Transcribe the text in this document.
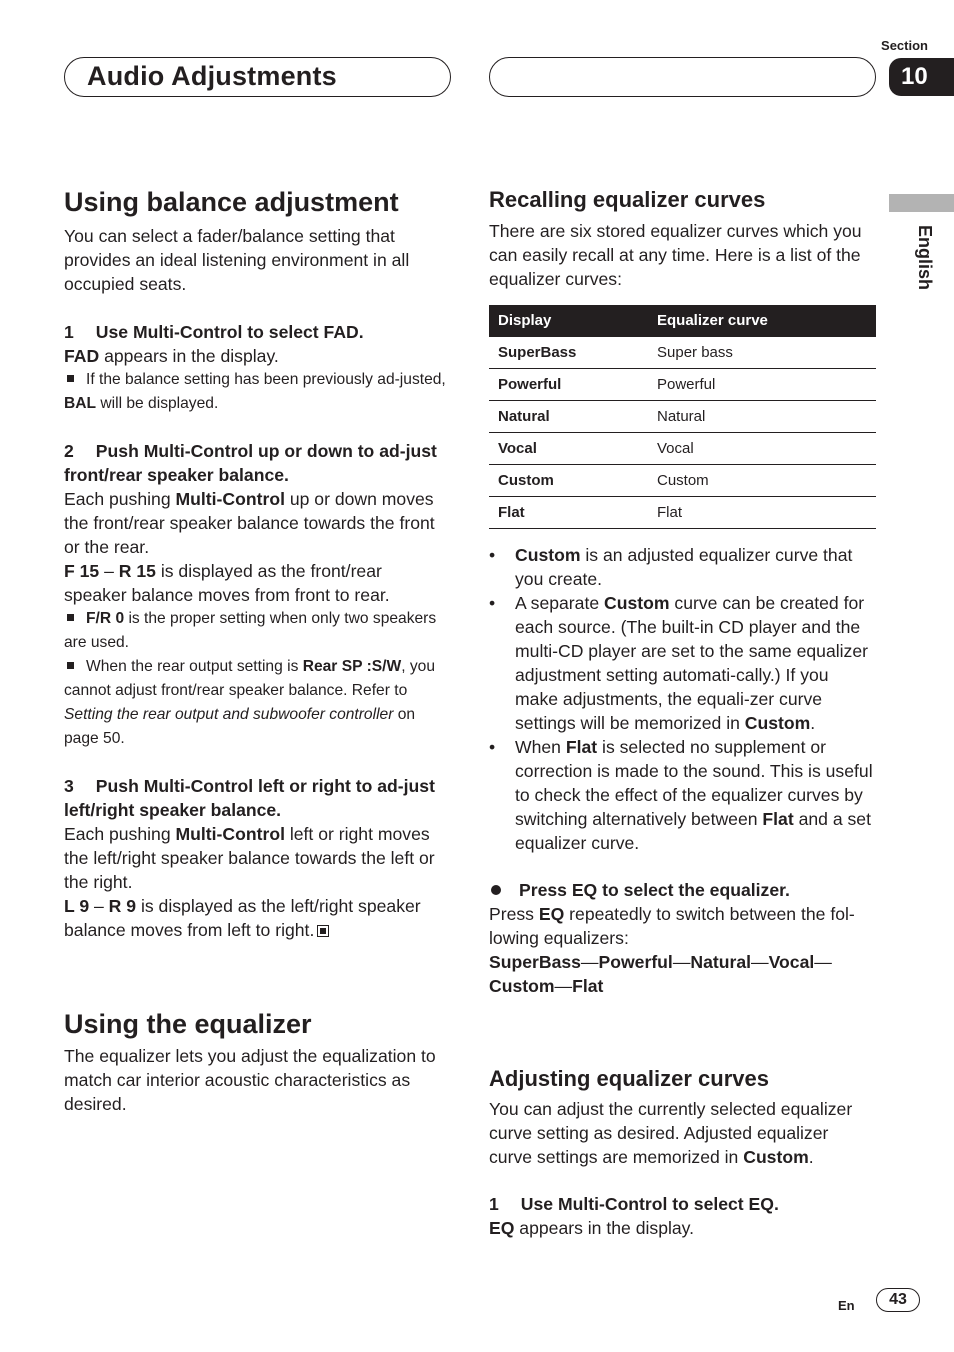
Audio Adjustments
Section
10
English
Using balance adjustment

You can select a fader/balance setting that provides an ideal listening environment in all occupied seats.

1 Use Multi-Control to select FAD.

FAD appears in the display.

If the balance setting has been previously ad-justed, BAL will be displayed.

2 Push Multi-Control up or down to ad-just front/rear speaker balance.

Each pushing Multi-Control up or down moves the front/rear speaker balance towards the front or the rear.

F 15 – R 15 is displayed as the front/rear speaker balance moves from front to rear.

F/R 0 is the proper setting when only two speakers are used.

When the rear output setting is Rear SP :S/W, you cannot adjust front/rear speaker balance. Refer to Setting the rear output and subwoofer controller on page 50.

3 Push Multi-Control left or right to ad-just left/right speaker balance.

Each pushing Multi-Control left or right moves the left/right speaker balance towards the left or the right.

L 9 – R 9 is displayed as the left/right speaker balance moves from left to right.

Using the equalizer

The equalizer lets you adjust the equalization to match car interior acoustic characteristics as desired.

Recalling equalizer curves

There are six stored equalizer curves which you can easily recall at any time. Here is a list of the equalizer curves:

Display	Equalizer curve
SuperBass	Super bass
Powerful	Powerful
Natural	Natural
Vocal	Vocal
Custom	Custom
Flat	Flat
• Custom is an adjusted equalizer curve that you create.
• A separate Custom curve can be created for each source. (The built-in CD player and the multi-CD player are set to the same equalizer adjustment setting automati-cally.) If you make adjustments, the equali-zer curve settings will be memorized in Custom.
• When Flat is selected no supplement or correction is made to the sound. This is useful to check the effect of the equalizer curves by switching alternatively between Flat and a set equalizer curve.

Press EQ to select the equalizer.

Press EQ repeatedly to switch between the fol-lowing equalizers:

SuperBass—Powerful—Natural—Vocal—
Custom—Flat

Adjusting equalizer curves

You can adjust the currently selected equalizer curve setting as desired. Adjusted equalizer curve settings are memorized in Custom.

1 Use Multi-Control to select EQ.

EQ appears in the display.

En	43
